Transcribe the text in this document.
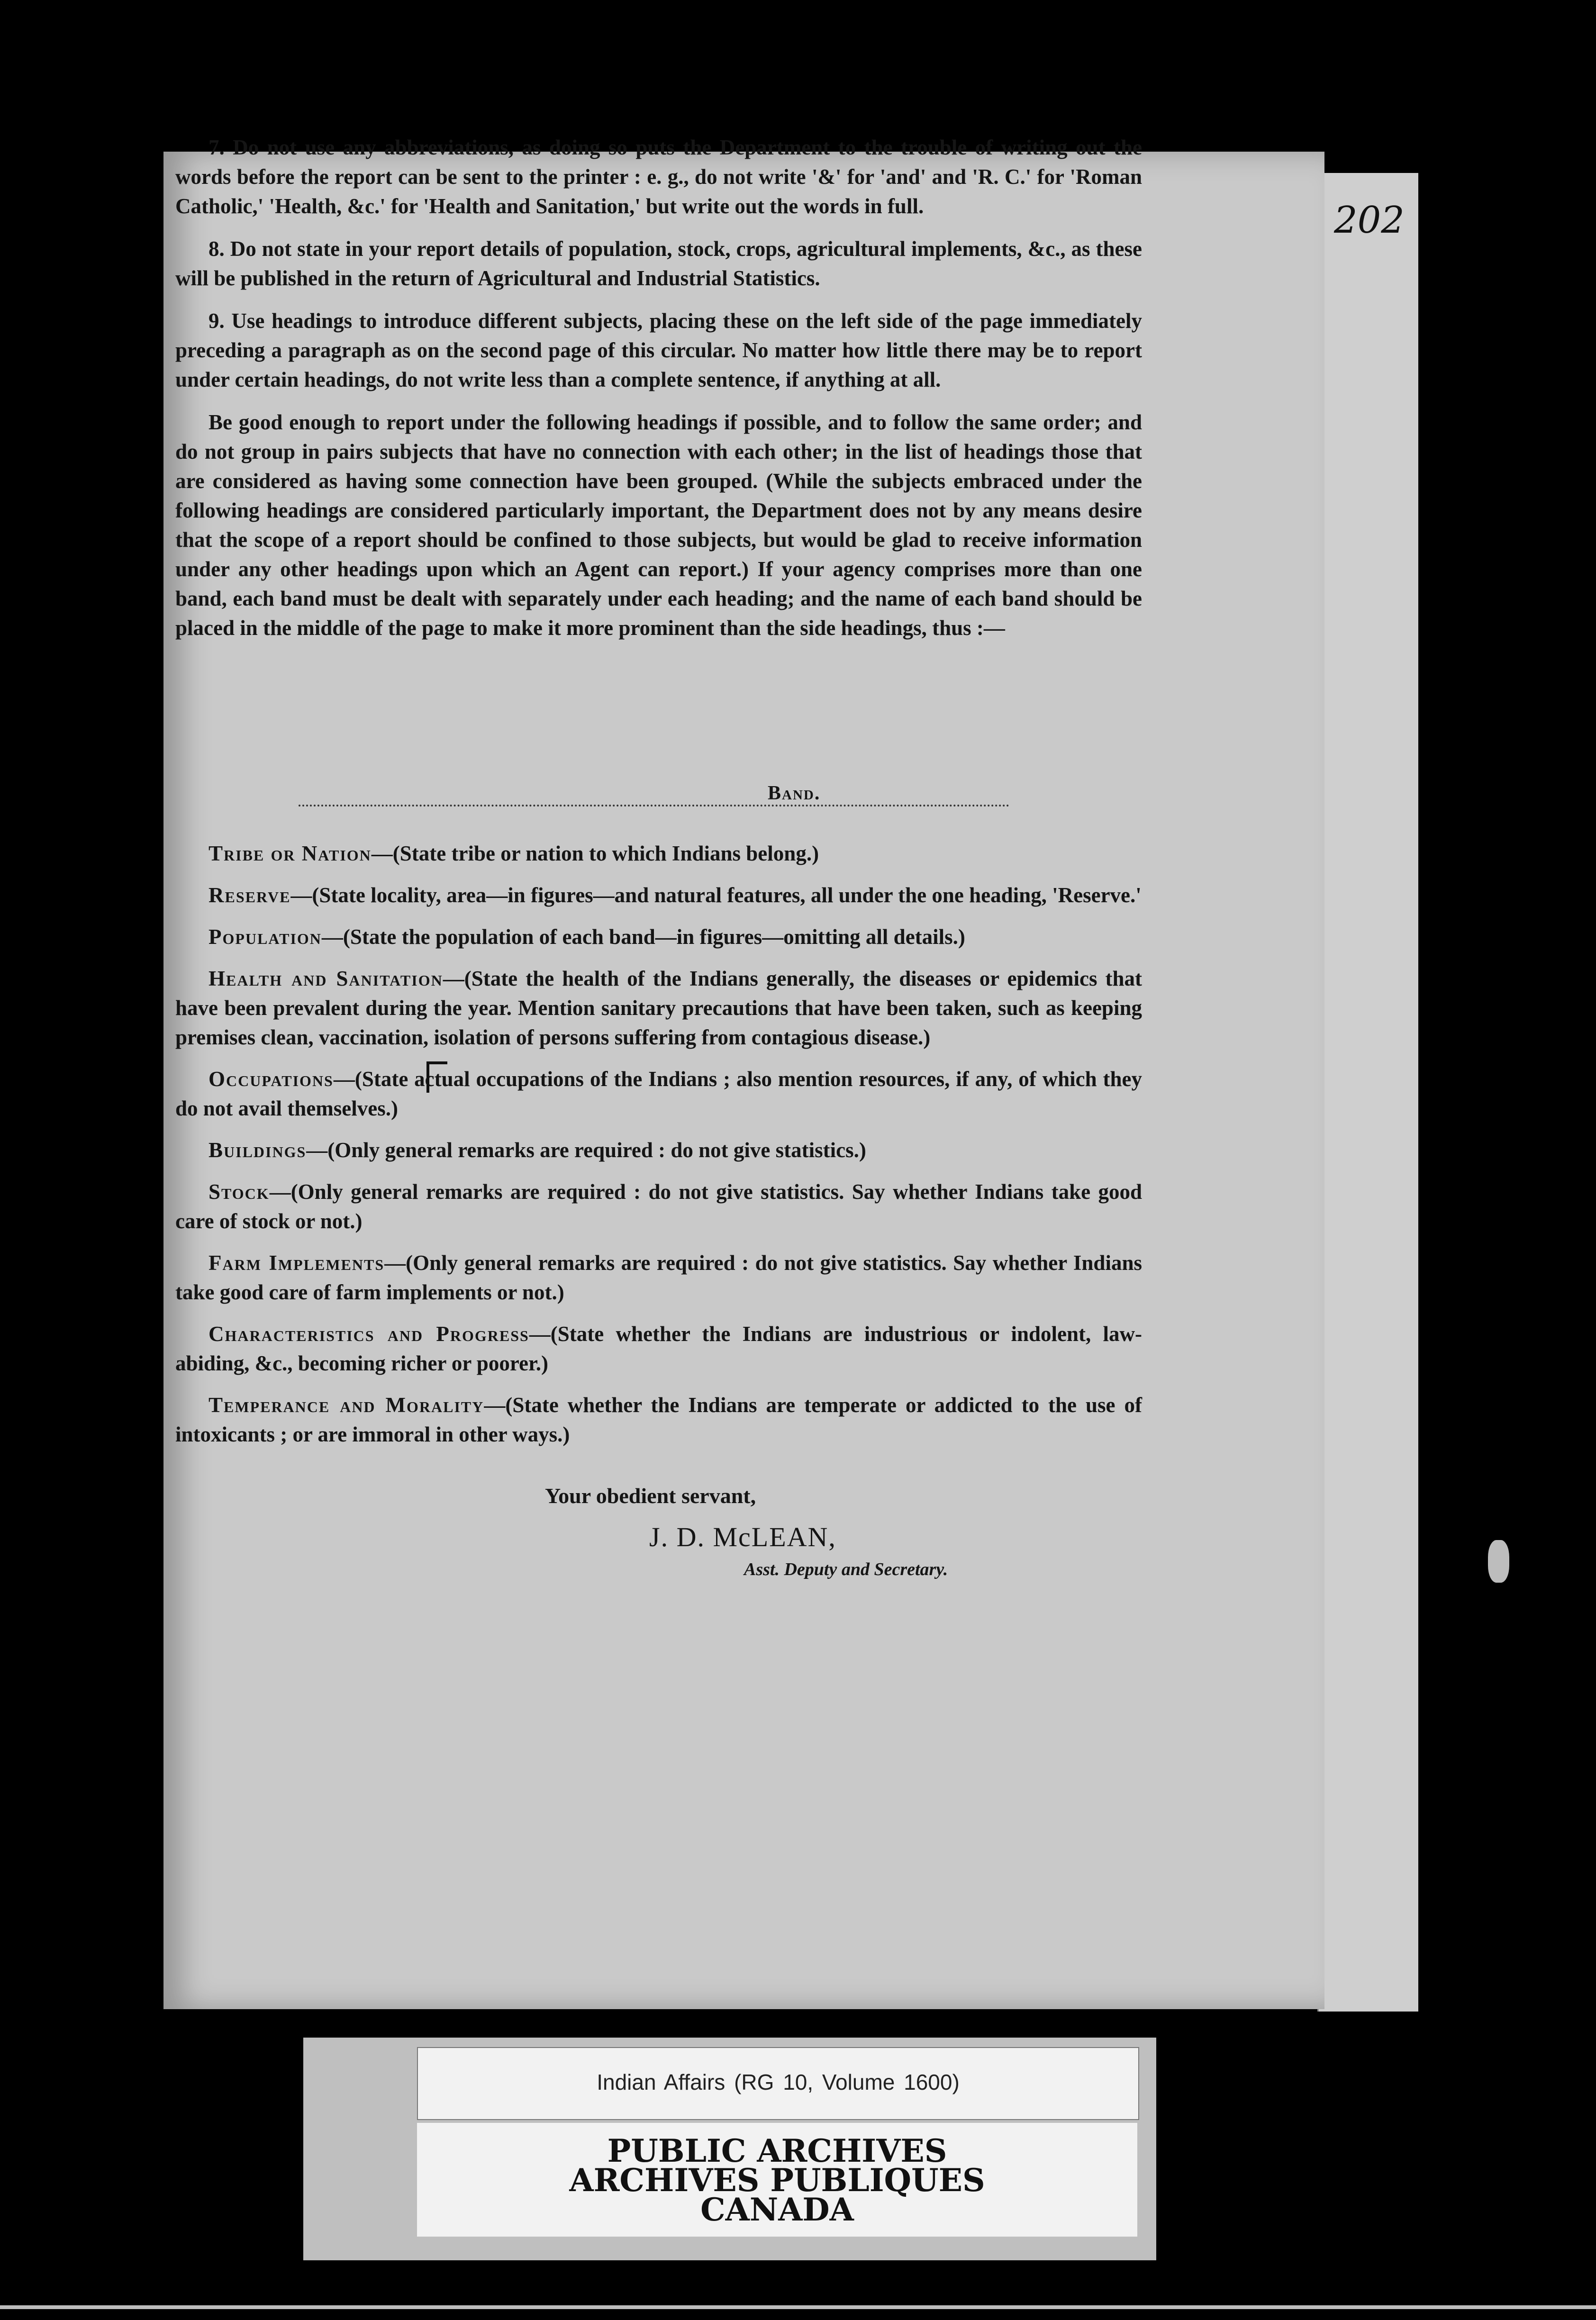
202

7. Do not use any abbreviations, as doing so puts the Department to the trouble of writing out the words before the report can be sent to the printer : e. g., do not write '&' for 'and' and 'R. C.' for 'Roman Catholic,' 'Health, &c.' for 'Health and Sanitation,' but write out the words in full.

8. Do not state in your report details of population, stock, crops, agricultural implements, &c., as these will be published in the return of Agricultural and Industrial Statistics.

9. Use headings to introduce different subjects, placing these on the left side of the page immediately preceding a paragraph as on the second page of this circular. No matter how little there may be to report under certain headings, do not write less than a complete sentence, if anything at all.

Be good enough to report under the following headings if possible, and to follow the same order; and do not group in pairs subjects that have no connection with each other; in the list of headings those that are considered as having some connection have been grouped. (While the subjects embraced under the following headings are considered particularly important, the Department does not by any means desire that the scope of a report should be confined to those subjects, but would be glad to receive information under any other headings upon which an Agent can report.) If your agency comprises more than one band, each band must be dealt with separately under each heading; and the name of each band should be placed in the middle of the page to make it more prominent than the side headings, thus :—

Band.

Tribe or Nation—(State tribe or nation to which Indians belong.)

Reserve—(State locality, area—in figures—and natural features, all under the one heading, 'Reserve.'

Population—(State the population of each band—in figures—omitting all details.)

Health and Sanitation—(State the health of the Indians generally, the diseases or epidemics that have been prevalent during the year. Mention sanitary precautions that have been taken, such as keeping premises clean, vaccination, isolation of persons suffering from contagious disease.)

Occupations—(State actual occupations of the Indians ; also mention resources, if any, of which they do not avail themselves.)

Buildings—(Only general remarks are required : do not give statistics.)

Stock—(Only general remarks are required : do not give statistics. Say whether Indians take good care of stock or not.)

Farm Implements—(Only general remarks are required : do not give statistics. Say whether Indians take good care of farm implements or not.)

Characteristics and Progress—(State whether the Indians are industrious or indolent, law-abiding, &c., becoming richer or poorer.)

Temperance and Morality—(State whether the Indians are temperate or addicted to the use of intoxicants ; or are immoral in other ways.)

Your obedient servant,
J. D. McLEAN,
Asst. Deputy and Secretary.
Indian Affairs (RG 10, Volume 1600)
PUBLIC ARCHIVES
ARCHIVES PUBLIQUES
CANADA
